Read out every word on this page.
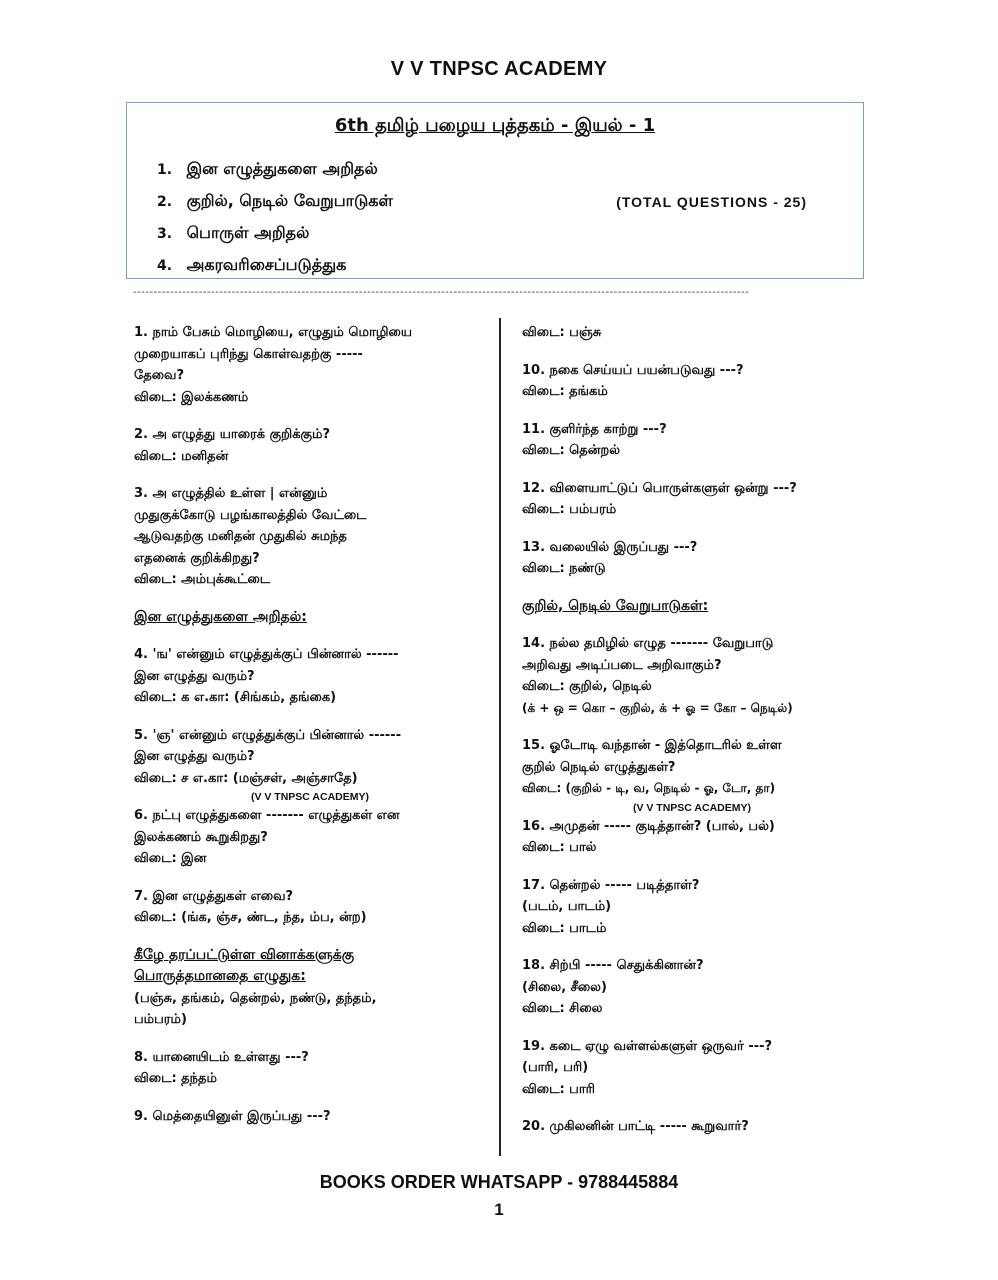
V V TNPSC ACADEMY
6th தமிழ் பழைய புத்தகம் - இயல் - 1
1. இன எழுத்துகளை அறிதல்
2. குறில், நெடில் வேறுபாடுகள்
3. பொருள் அறிதல்
4. அகரவரிசைப்படுத்துக
(TOTAL QUESTIONS - 25)
------------------------------------------------------------------------------------------------------------------------------------------------------
1. நாம் பேசும் மொழியை, எழுதும் மொழியை
முறையாகப் புரிந்து கொள்வதற்கு -----
தேவை?
விடை: இலக்கணம்
2. அ எழுத்து யாரைக் குறிக்கும்?
விடை: மனிதன்
3. அ எழுத்தில் உள்ள | என்னும்
முதுகுக்கோடு பழங்காலத்தில் வேட்டை
ஆடுவதற்கு மனிதன் முதுகில் சுமந்த
எதனைக் குறிக்கிறது?
விடை: அம்புக்கூட்டை
இன எழுத்துகளை அறிதல்:
4. 'ங' என்னும் எழுத்துக்குப் பின்னால் ------
இன எழுத்து வரும்?
விடை: க எ.கா: (சிங்கம், தங்கை)
5. 'ஞ' என்னும் எழுத்துக்குப் பின்னால் ------
இன எழுத்து வரும்?
விடை: ச எ.கா: (மஞ்சள், அஞ்சாதே)
(V V TNPSC ACADEMY)
6. நட்பு எழுத்துகளை ------- எழுத்துகள் என
இலக்கணம் கூறுகிறது?
விடை: இன
7. இன எழுத்துகள் எவை?
விடை: (ங்க, ஞ்ச, ண்ட, ந்த, ம்ப, ன்ற)
கீழே தரப்பட்டுள்ள வினாக்களுக்கு
பொருத்தமானதை எழுதுக:
(பஞ்சு, தங்கம், தென்றல், நண்டு, தந்தம்,
பம்பரம்)
8. யானையிடம் உள்ளது ---?
விடை: தந்தம்
9. மெத்தையினுள் இருப்பது ---?
விடை: பஞ்சு
10. நகை செய்யப் பயன்படுவது ---?
விடை: தங்கம்
11. குளிர்ந்த காற்று ---?
விடை: தென்றல்
12. விளையாட்டுப் பொருள்களுள் ஒன்று ---?
விடை: பம்பரம்
13. வலையில் இருப்பது ---?
விடை: நண்டு
குறில், நெடில் வேறுபாடுகள்:
14. நல்ல தமிழில் எழுத ------- வேறுபாடு
அறிவது அடிப்படை அறிவாகும்?
விடை: குறில், நெடில்
(க் + ஒ = கொ – குறில், க் + ஓ = கோ – நெடில்)
15. ஓடோடி வந்தான் - இத்தொடரில் உள்ள
குறில் நெடில் எழுத்துகள்?
விடை: (குறில் - டி, வ, நெடில் - ஓ, டோ, தா)
(V V TNPSC ACADEMY)
16. அமுதன் ----- குடித்தான்? (பால், பல்)
விடை: பால்
17. தென்றல் ----- படித்தாள்?
(படம், பாடம்)
விடை: பாடம்
18. சிற்பி ----- செதுக்கினான்?
(சிலை, சீலை)
விடை: சிலை
19. கடை ஏழு வள்ளல்களுள் ஒருவர் ---?
(பாரி, பரி)
விடை: பாரி
20. முகிலனின் பாட்டி ----- கூறுவார்?
BOOKS ORDER WHATSAPP - 9788445884
1
